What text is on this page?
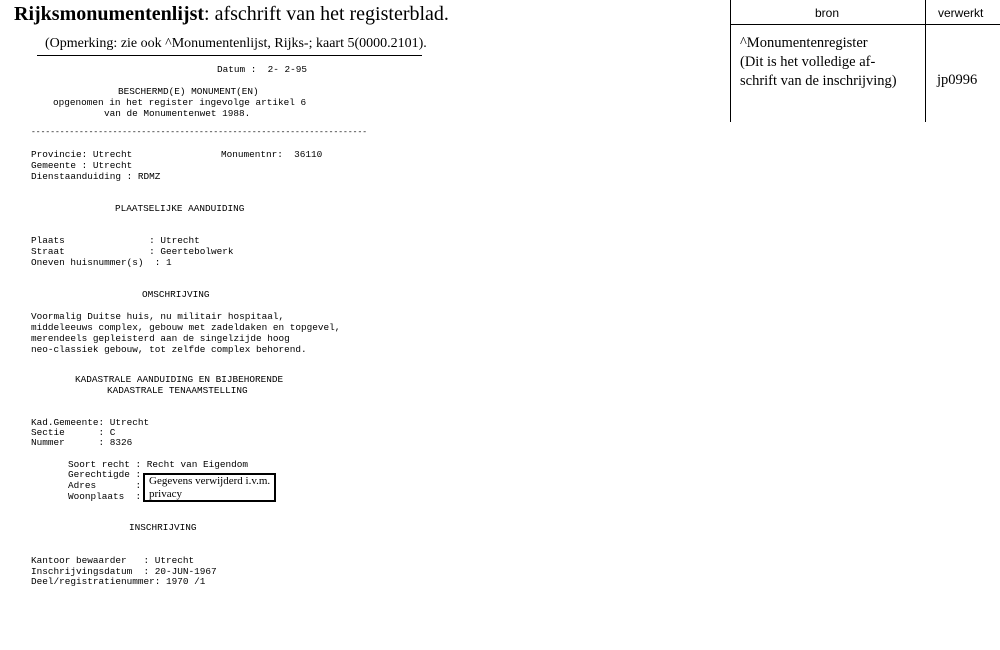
Rijksmonumentenlijst: afschrift van het registerblad.
(Opmerking: zie ook ^Monumentenlijst, Rijks-; kaart 5(0000.2101).
Datum :  2- 2-95
BESCHERMD(E) MONUMENT(EN)
opgenomen in het register ingevolge artikel 6
van de Monumentenwet 1988.
----------------------------------------------------------------------
Provincie: Utrecht	Monumentnr:  36110
Gemeente : Utrecht
Dienstaanduiding : RDMZ
PLAATSELIJKE AANDUIDING
Plaats               : Utrecht
Straat               : Geertebolwerk
Oneven huisnummer(s)  : 1
OMSCHRIJVING
Voormalig Duitse huis, nu militair hospitaal,
middeleeuws complex, gebouw met zadeldaken en topgevel,
merendeels gepleisterd aan de singelzijde hoog
neo-classiek gebouw, tot zelfde complex behorend.
KADASTRALE AANDUIDING EN BIJBEHORENDE
KADASTRALE TENAAMSTELLING
Kad.Gemeente: Utrecht
Sectie      : C
Nummer      : 8326
Soort recht : Recht van Eigendom
Gerechtigde :
Adres       :
Woonplaats  :
Gegevens verwijderd i.v.m. privacy
INSCHRIJVING
Kantoor bewaarder   : Utrecht
Inschrijvingsdatum  : 20-JUN-1967
Deel/registratienummer: 1970 /1
bron	verwerkt
^Monumentenregister
(Dit is het volledige af-
schrift van de inschrijving)	jp0996
